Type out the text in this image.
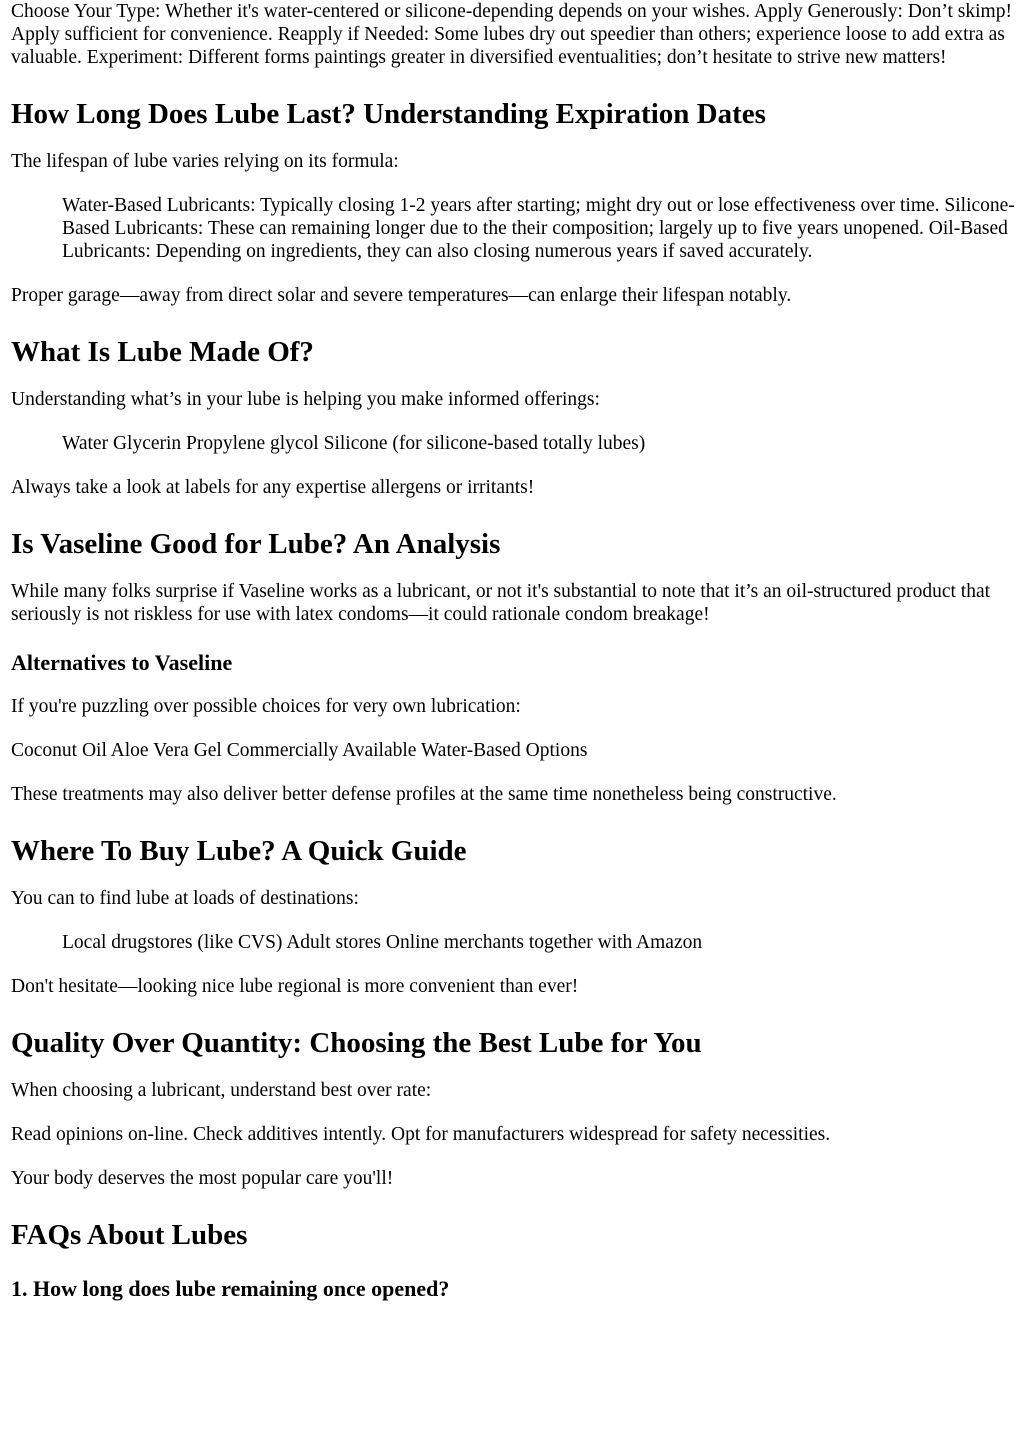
Choose Your Type: Whether it's water-centered or silicone-depending depends on your wishes. Apply Generously: Don’t skimp! Apply sufficient for convenience. Reapply if Needed: Some lubes dry out speedier than others; experience loose to add extra as valuable. Experiment: Different forms paintings greater in diversified eventualities; don’t hesitate to strive new matters!

How Long Does Lube Last? Understanding Expiration Dates

The lifespan of lube varies relying on its formula:

Water-Based Lubricants: Typically closing 1-2 years after starting; might dry out or lose effectiveness over time. Silicone-Based Lubricants: These can remaining longer due to the their composition; largely up to five years unopened. Oil-Based Lubricants: Depending on ingredients, they can also closing numerous years if saved accurately.

Proper garage—away from direct solar and severe temperatures—can enlarge their lifespan notably.

What Is Lube Made Of?

Understanding what’s in your lube is helping you make informed offerings:

Water Glycerin Propylene glycol Silicone (for silicone-based totally lubes)

Always take a look at labels for any expertise allergens or irritants!

Is Vaseline Good for Lube? An Analysis

While many folks surprise if Vaseline works as a lubricant, or not it's substantial to note that it’s an oil-structured product that seriously is not riskless for use with latex condoms—it could rationale condom breakage!

Alternatives to Vaseline

If you're puzzling over possible choices for very own lubrication:

Coconut Oil Aloe Vera Gel Commercially Available Water-Based Options

These treatments may also deliver better defense profiles at the same time nonetheless being constructive.

Where To Buy Lube? A Quick Guide

You can to find lube at loads of destinations:

Local drugstores (like CVS) Adult stores Online merchants together with Amazon

Don't hesitate—looking nice lube regional is more convenient than ever!

Quality Over Quantity: Choosing the Best Lube for You

When choosing a lubricant, understand best over rate:

Read opinions on-line. Check additives intently. Opt for manufacturers widespread for safety necessities.

Your body deserves the most popular care you'll!

FAQs About Lubes
1. How long does lube remaining once opened?
